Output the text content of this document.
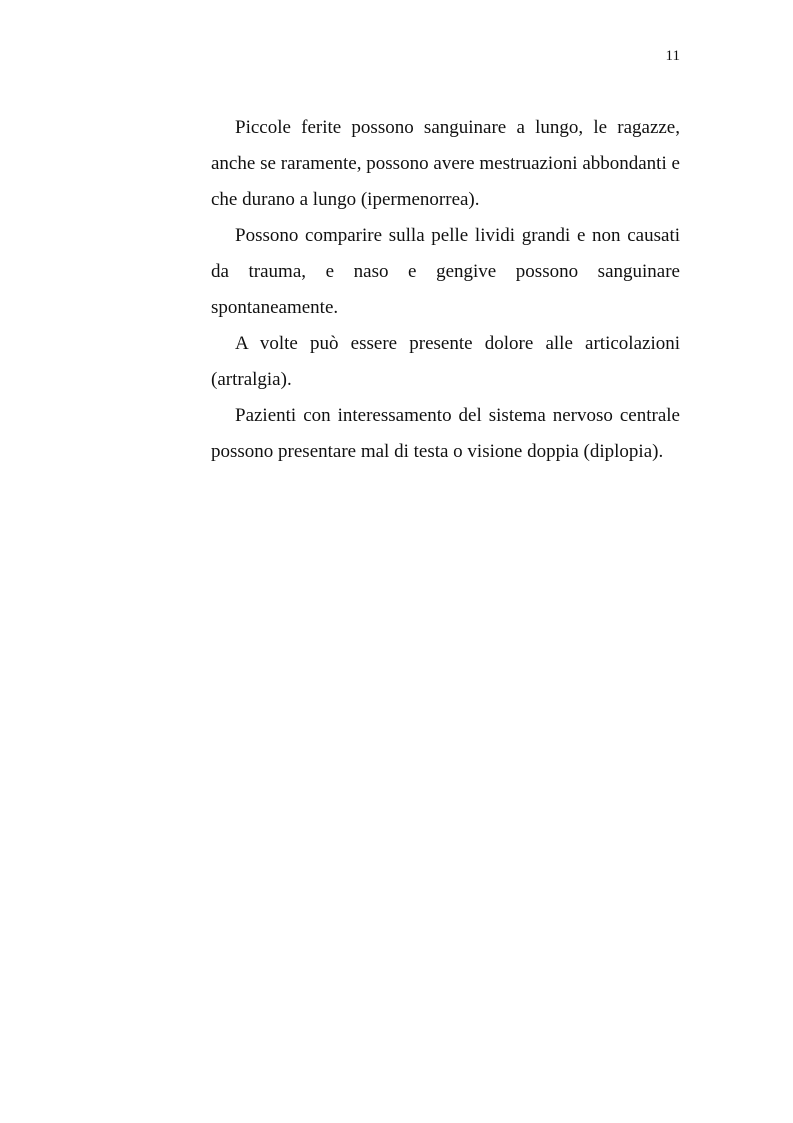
11

Piccole ferite possono sanguinare a lungo, le ragazze, anche se raramente, possono avere mestruazioni abbondanti e che durano a lungo (ipermenorrea).

Possono comparire sulla pelle lividi grandi e non causati da trauma, e naso e gengive possono sanguinare spontaneamente.

A volte può essere presente dolore alle articolazioni (artralgia).

Pazienti con interessamento del sistema nervoso centrale possono presentare mal di testa o visione doppia (diplopia).
